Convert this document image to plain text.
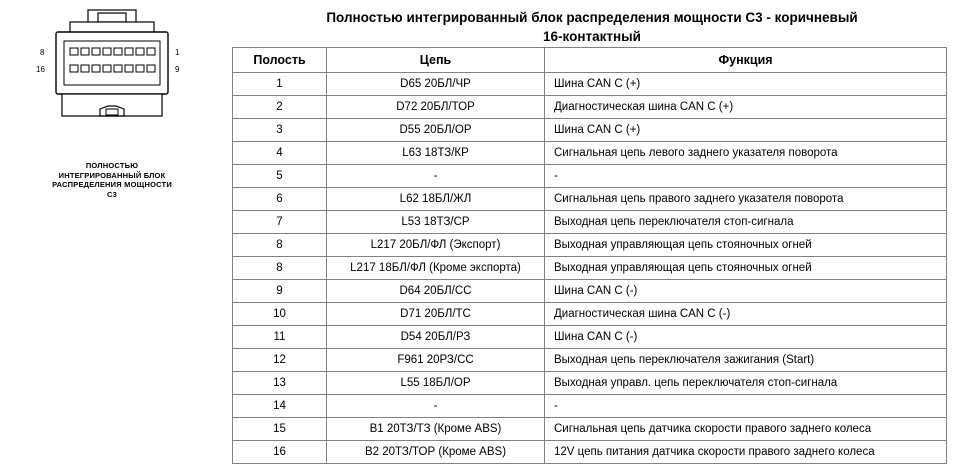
8	1
16	9
ПОЛНОСТЬЮ
ИНТЕГРИРОВАННЫЙ БЛОК
РАСПРЕДЕЛЕНИЯ МОЩНОСТИ
C3
Полностью интегрированный блок распределения мощности C3 - коричневый
16-контактный
Полость	Цепь	Функция
1	D65 20БЛ/ЧР	Шина CAN C (+)
2	D72 20БЛ/ТОР	Диагностическая шина CAN C (+)
3	D55 20БЛ/ОР	Шина CAN C (+)
4	L63 18ТЗ/КР	Сигнальная цепь левого заднего указателя поворота
5	-	-
6	L62 18БЛ/ЖЛ	Сигнальная цепь правого заднего указателя поворота
7	L53 18ТЗ/СР	Выходная цепь переключателя стоп-сигнала
8	L217 20БЛ/ФЛ (Экспорт)	Выходная управляющая цепь стояночных огней
8	L217 18БЛ/ФЛ (Кроме экспорта)	Выходная управляющая цепь стояночных огней
9	D64 20БЛ/СС	Шина CAN C (-)
10	D71 20БЛ/ТС	Диагностическая шина CAN C (-)
11	D54 20БЛ/РЗ	Шина CAN C (-)
12	F961 20РЗ/СС	Выходная цепь переключателя зажигания (Start)
13	L55 18БЛ/ОР	Выходная управл. цепь переключателя стоп-сигнала
14	-	-
15	B1 20ТЗ/ТЗ (Кроме ABS)	Сигнальная цепь датчика скорости правого заднего колеса
16	B2 20ТЗ/ТОР (Кроме ABS)	12V цепь питания датчика скорости правого заднего колеса
